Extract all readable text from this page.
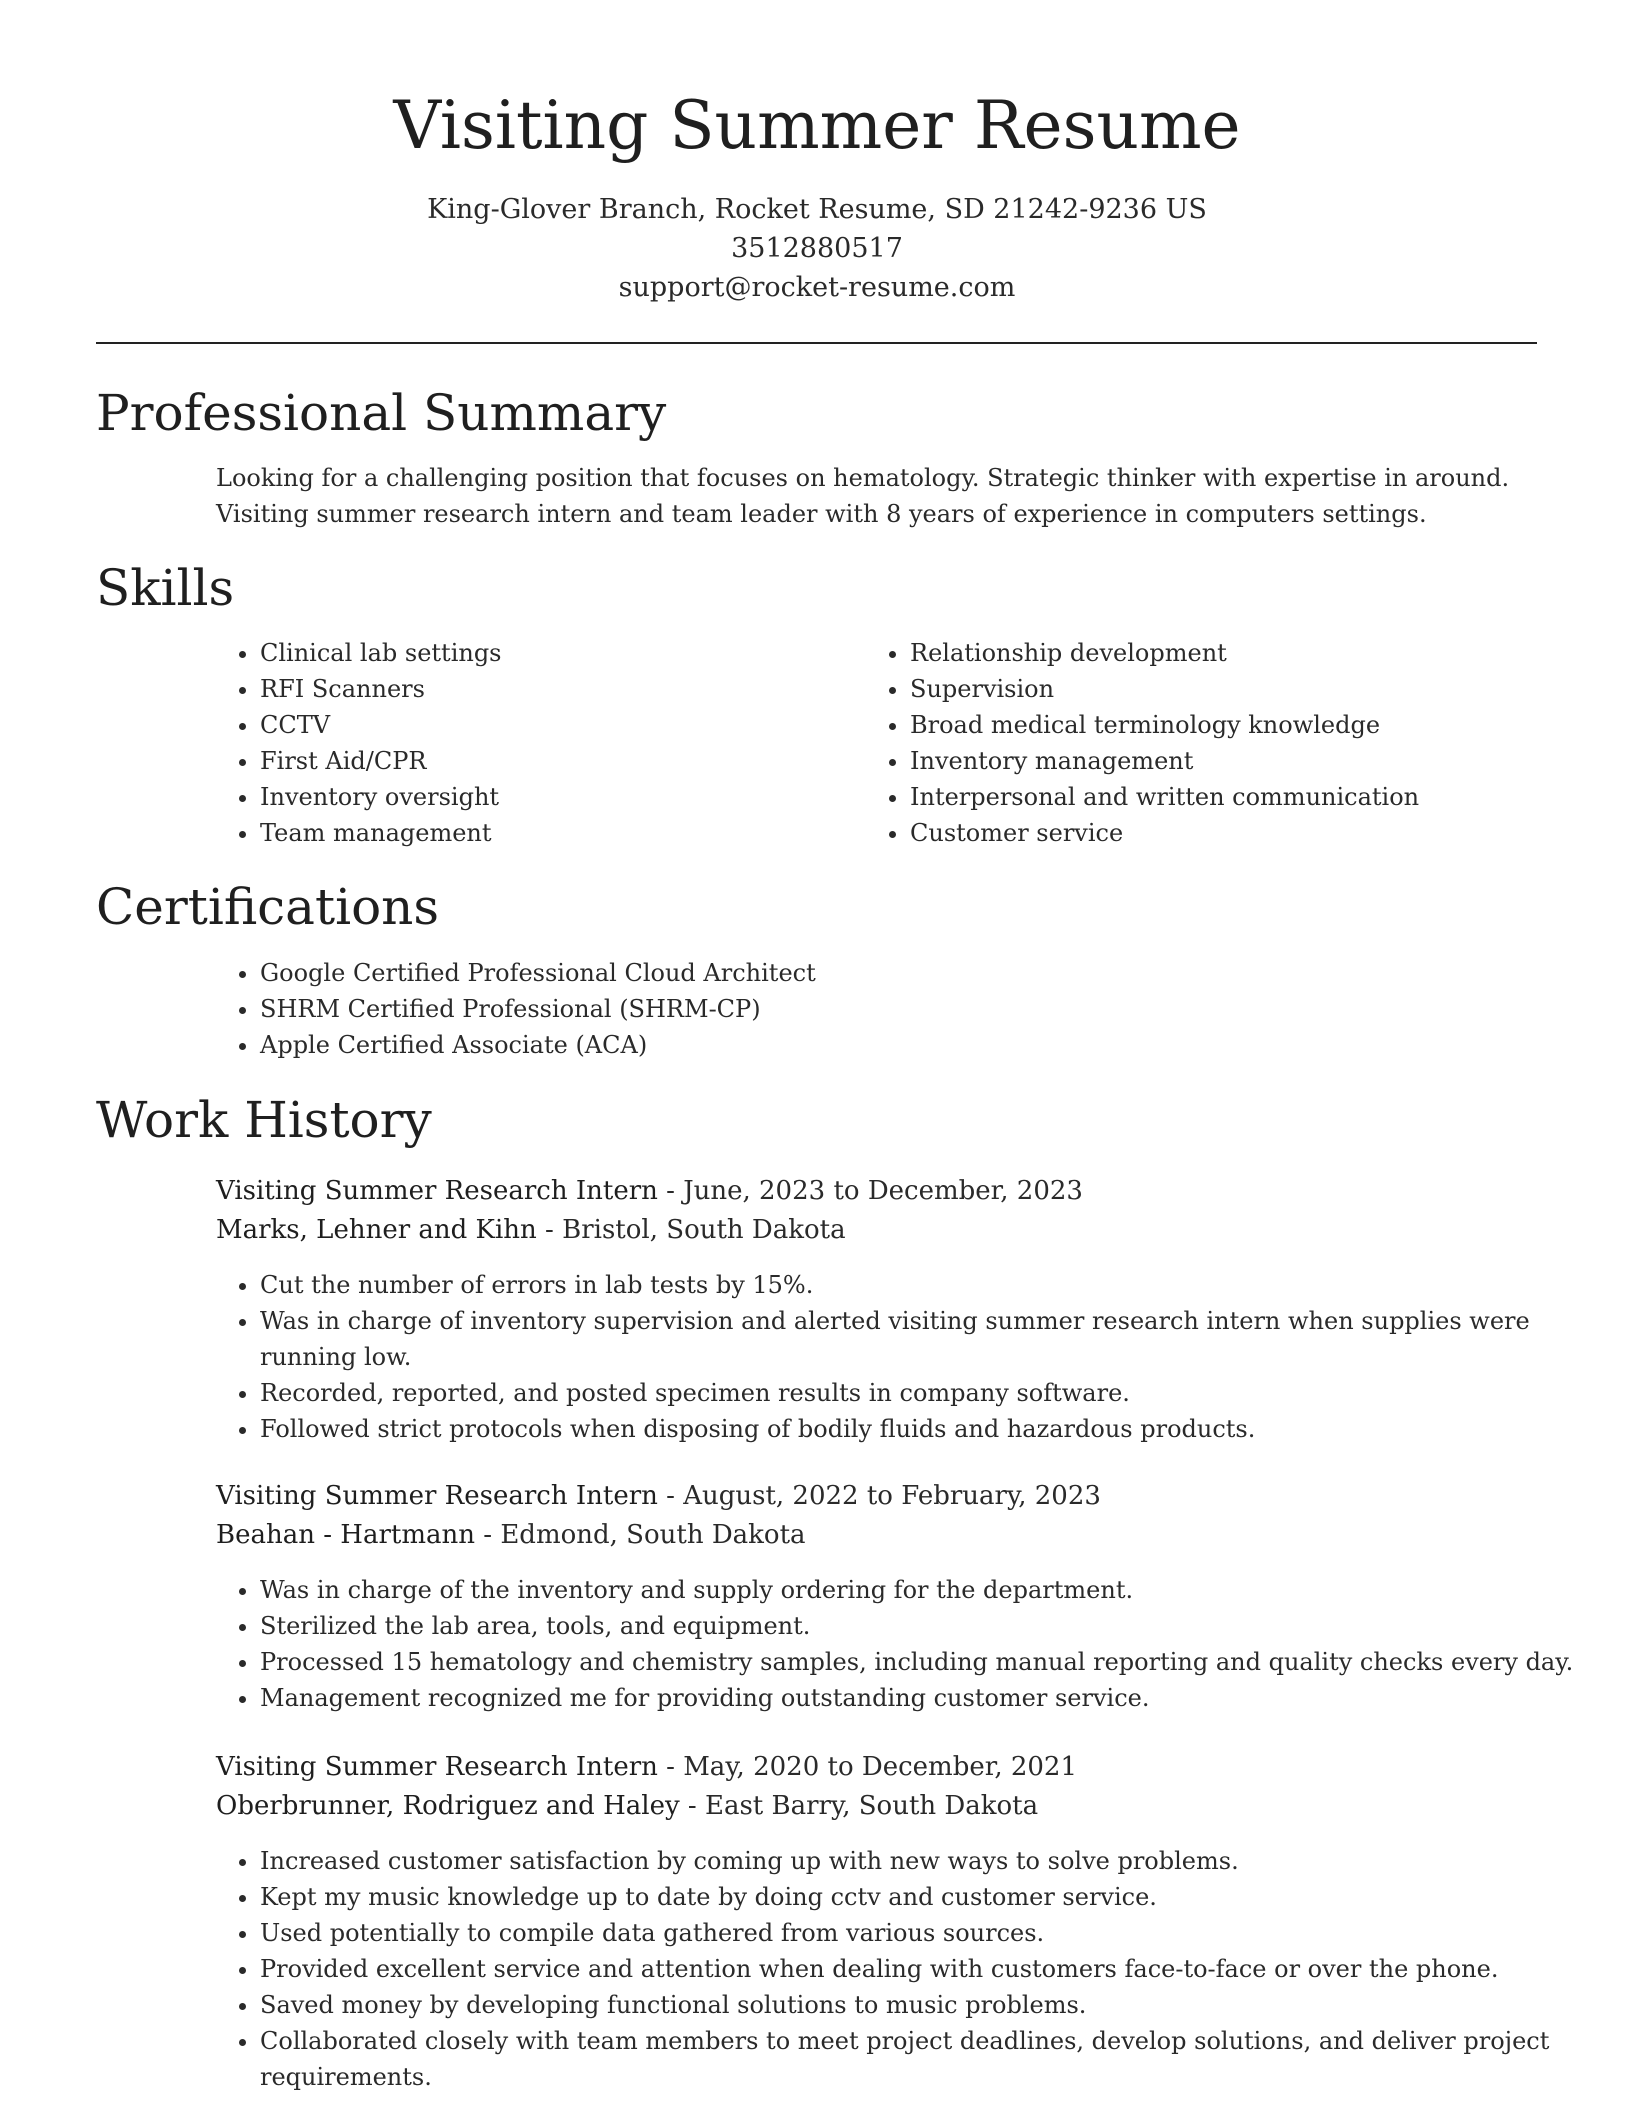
Visiting Summer Resume
King-Glover Branch, Rocket Resume, SD 21242-9236 US
3512880517
support@rocket-resume.com
Professional Summary

Looking for a challenging position that focuses on hematology. Strategic thinker with expertise in around. Visiting summer research intern and team leader with 8 years of experience in computers settings.

Skills
• Clinical lab settings
• RFI Scanners
• CCTV
• First Aid/CPR
• Inventory oversight
• Team management
• Relationship development
• Supervision
• Broad medical terminology knowledge
• Inventory management
• Interpersonal and written communication
• Customer service
Certifications
• Google Certified Professional Cloud Architect
• SHRM Certified Professional (SHRM-CP)
• Apple Certified Associate (ACA)
Work History
Visiting Summer Research Intern - June, 2023 to December, 2023
Marks, Lehner and Kihn - Bristol, South Dakota
• Cut the number of errors in lab tests by 15%.
• Was in charge of inventory supervision and alerted visiting summer research intern when supplies were running low.
• Recorded, reported, and posted specimen results in company software.
• Followed strict protocols when disposing of bodily fluids and hazardous products.
Visiting Summer Research Intern - August, 2022 to February, 2023
Beahan - Hartmann - Edmond, South Dakota
• Was in charge of the inventory and supply ordering for the department.
• Sterilized the lab area, tools, and equipment.
• Processed 15 hematology and chemistry samples, including manual reporting and quality checks every day.
• Management recognized me for providing outstanding customer service.
Visiting Summer Research Intern - May, 2020 to December, 2021
Oberbrunner, Rodriguez and Haley - East Barry, South Dakota
• Increased customer satisfaction by coming up with new ways to solve problems.
• Kept my music knowledge up to date by doing cctv and customer service.
• Used potentially to compile data gathered from various sources.
• Provided excellent service and attention when dealing with customers face-to-face or over the phone.
• Saved money by developing functional solutions to music problems.
• Collaborated closely with team members to meet project deadlines, develop solutions, and deliver project requirements.
